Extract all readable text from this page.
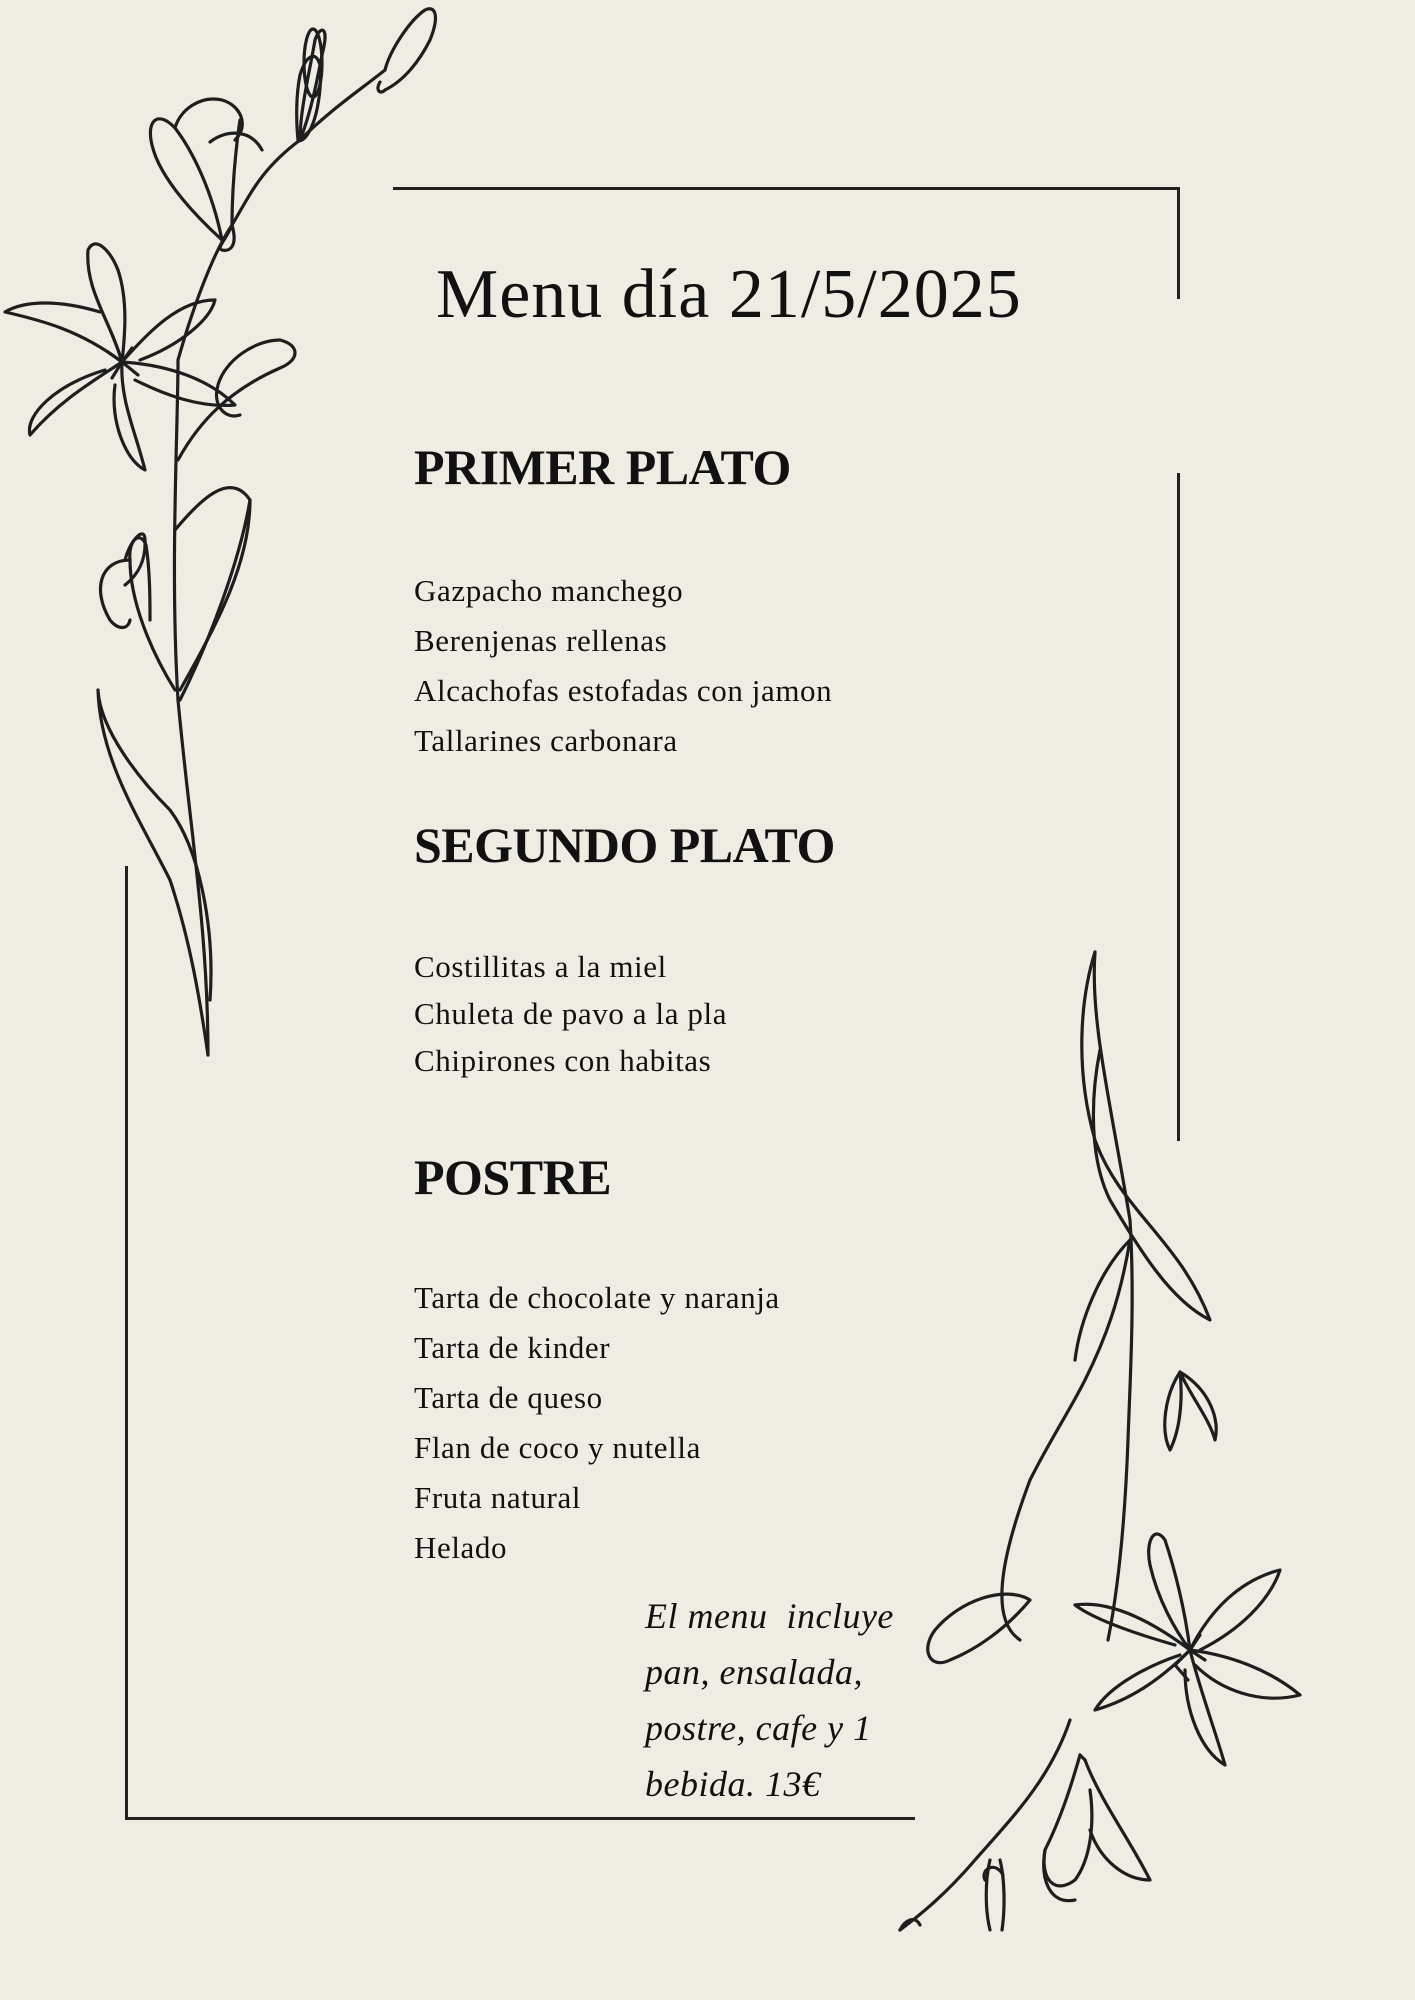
Menu día 21/5/2025
PRIMER PLATO
Gazpacho manchego
Berenjenas rellenas
Alcachofas estofadas con jamon
Tallarines carbonara
SEGUNDO PLATO
Costillitas a la miel
Chuleta de pavo a la pla
Chipirones con habitas
POSTRE
Tarta de chocolate y naranja
Tarta de kinder
Tarta de queso
Flan de coco y nutella
Fruta natural
Helado
El menu  incluye
pan, ensalada,
postre, cafe y 1
bebida. 13€
